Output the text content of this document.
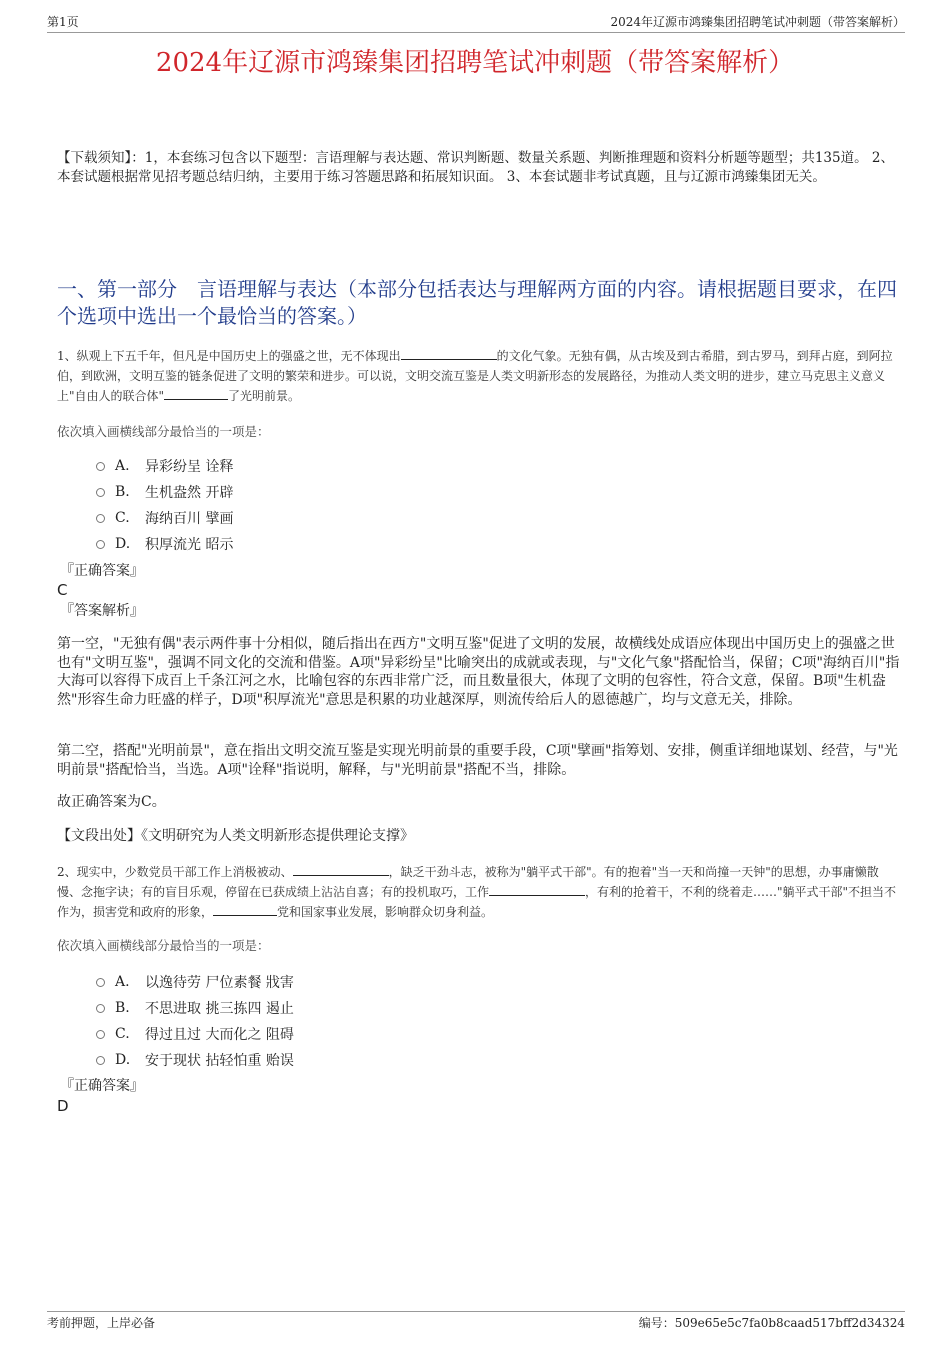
第1页	2024年辽源市鸿臻集团招聘笔试冲刺题（带答案解析）
2024年辽源市鸿臻集团招聘笔试冲刺题（带答案解析）
【下载须知】：1，本套练习包含以下题型：言语理解与表达题、常识判断题、数量关系题、判断推理题和资料分析题等题型；共135道。 2、本套试题根据常见招考题总结归纳，主要用于练习答题思路和拓展知识面。 3、本套试题非考试真题，且与辽源市鸿臻集团无关。
一、第一部分　言语理解与表达（本部分包括表达与理解两方面的内容。请根据题目要求，在四个选项中选出一个最恰当的答案。）
1、纵观上下五千年，但凡是中国历史上的强盛之世，无不体现出	的文化气象。无独有偶，从古埃及到古希腊，到古罗马，到拜占庭，到阿拉伯，到欧洲，文明互鉴的链条促进了文明的繁荣和进步。可以说，文明交流互鉴是人类文明新形态的发展路径，为推动人类文明的进步，建立马克思主义意义上"自由人的联合体"	了光明前景。
依次填入画横线部分最恰当的一项是：
A.	异彩纷呈 诠释
B.	生机盎然 开辟
C.	海纳百川 擘画
D.	积厚流光 昭示
『正确答案』
C
『答案解析』
第一空，"无独有偶"表示两件事十分相似，随后指出在西方"文明互鉴"促进了文明的发展，故横线处成语应体现出中国历史上的强盛之世也有"文明互鉴"，强调不同文化的交流和借鉴。A项"异彩纷呈"比喻突出的成就或表现，与"文化气象"搭配恰当，保留；C项"海纳百川"指大海可以容得下成百上千条江河之水，比喻包容的东西非常广泛，而且数量很大，体现了文明的包容性，符合文意，保留。B项"生机盎然"形容生命力旺盛的样子，D项"积厚流光"意思是积累的功业越深厚，则流传给后人的恩德越广，均与文意无关，排除。
第二空，搭配"光明前景"，意在指出文明交流互鉴是实现光明前景的重要手段，C项"擘画"指筹划、安排，侧重详细地谋划、经营，与"光明前景"搭配恰当，当选。A项"诠释"指说明，解释，与"光明前景"搭配不当，排除。
故正确答案为C。
【文段出处】《文明研究为人类文明新形态提供理论支撑》
2、现实中，少数党员干部工作上消极被动、	，缺乏干劲斗志，被称为"躺平式干部"。有的抱着"当一天和尚撞一天钟"的思想，办事庸懒散慢、念拖字诀；有的盲目乐观，停留在已获成绩上沾沾自喜；有的投机取巧，工作	，有利的抢着干，不利的绕着走……"躺平式干部"不担当不作为，损害党和政府的形象，	党和国家事业发展，影响群众切身利益。
依次填入画横线部分最恰当的一项是：
A.	以逸待劳 尸位素餐 戕害
B.	不思进取 挑三拣四 遏止
C.	得过且过 大而化之 阻碍
D.	安于现状 拈轻怕重 贻误
『正确答案』
D
考前押题，上岸必备	编号：509e65e5c7fa0b8caad517bff2d34324
